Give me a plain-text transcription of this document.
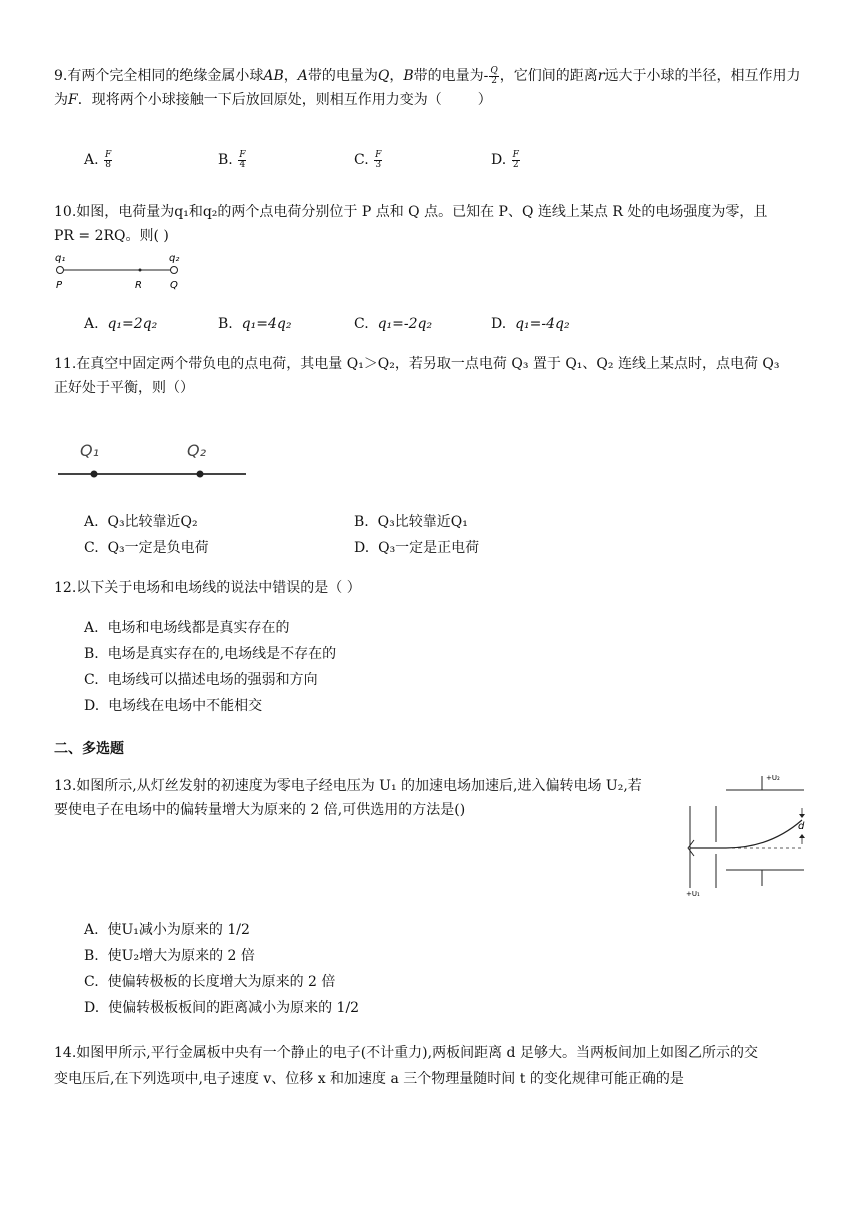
9.有两个完全相同的绝缘金属小球AB，A带的电量为Q，B带的电量为- $\frac{Q}{2}$ ，它们间的距离r远大于小球的半径，相互作用力为F．现将两个小球接触一下后放回原处，则相互作用力变为（	）
A. $\frac{F}{8}$	B. $\frac{F}{4}$	C. $\frac{F}{3}$	D. $\frac{F}{2}$
10.如图，电荷量为q₁和q₂的两个点电荷分别位于 P 点和 Q 点。已知在 P、Q 连线上某点 R 处的电场强度为零，且
PR = 2RQ。则( )
q₁	q₂
P	R	Q
A. q₁=2q₂	B. q₁=4q₂	C. q₁=-2q₂	D. q₁=-4q₂
11.在真空中固定两个带负电的点电荷，其电量 Q₁＞Q₂，若另取一点电荷 Q₃ 置于 Q₁、Q₂ 连线上某点时，点电荷 Q₃
正好处于平衡，则（）
Q₁	Q₂
A. Q₃比较靠近Q₂	B. Q₃比较靠近Q₁
C. Q₃一定是负电荷	D. Q₃一定是正电荷
12.以下关于电场和电场线的说法中错误的是（ ）
A. 电场和电场线都是真实存在的
B. 电场是真实存在的,电场线是不存在的
C. 电场线可以描述电场的强弱和方向
D. 电场线在电场中不能相交
二、多选题
13.如图所示,从灯丝发射的初速度为零电子经电压为 U₁ 的加速电场加速后,进入偏转电场 U₂,若
要使电子在电场中的偏转量增大为原来的 2 倍,可供选用的方法是()
d
+U₂
+U₁
A. 使U₁减小为原来的 1/2
B. 使U₂增大为原来的 2 倍
C. 使偏转极板的长度增大为原来的 2 倍
D. 使偏转极板板间的距离减小为原来的 1/2
14.如图甲所示,平行金属板中央有一个静止的电子(不计重力),两板间距离 d 足够大。当两板间加上如图乙所示的交
变电压后,在下列选项中,电子速度 v、位移 x 和加速度 a 三个物理量随时间 t 的变化规律可能正确的是
